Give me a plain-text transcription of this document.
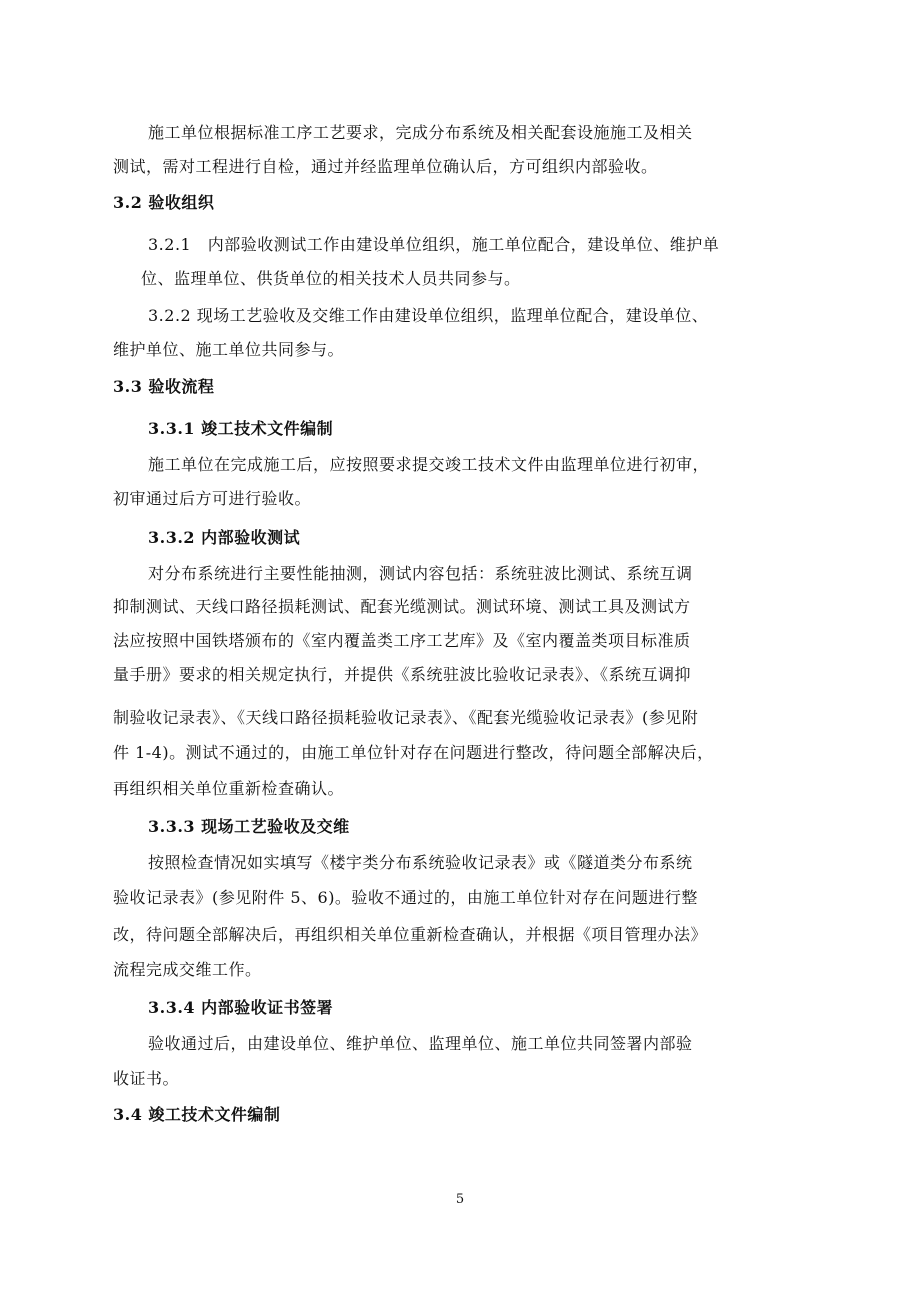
施工单位根据标准工序工艺要求，完成分布系统及相关配套设施施工及相关
测试，需对工程进行自检，通过并经监理单位确认后，方可组织内部验收。
3.2 验收组织
3.2.1　内部验收测试工作由建设单位组织，施工单位配合，建设单位、维护单
位、监理单位、供货单位的相关技术人员共同参与。
3.2.2 现场工艺验收及交维工作由建设单位组织，监理单位配合，建设单位、
维护单位、施工单位共同参与。
3.3 验收流程
3.3.1 竣工技术文件编制
施工单位在完成施工后，应按照要求提交竣工技术文件由监理单位进行初审，
初审通过后方可进行验收。
3.3.2 内部验收测试
对分布系统进行主要性能抽测，测试内容包括：系统驻波比测试、系统互调
抑制测试、天线口路径损耗测试、配套光缆测试。测试环境、测试工具及测试方
法应按照中国铁塔颁布的《室内覆盖类工序工艺库》及《室内覆盖类项目标准质
量手册》要求的相关规定执行，并提供《系统驻波比验收记录表》、《系统互调抑
制验收记录表》、《天线口路径损耗验收记录表》、《配套光缆验收记录表》(参见附
件 1-4)。测试不通过的，由施工单位针对存在问题进行整改，待问题全部解决后，
再组织相关单位重新检查确认。
3.3.3 现场工艺验收及交维
按照检查情况如实填写《楼宇类分布系统验收记录表》或《隧道类分布系统
验收记录表》(参见附件 5、6)。验收不通过的，由施工单位针对存在问题进行整
改，待问题全部解决后，再组织相关单位重新检查确认，并根据《项目管理办法》
流程完成交维工作。
3.3.4 内部验收证书签署
验收通过后，由建设单位、维护单位、监理单位、施工单位共同签署内部验
收证书。
3.4 竣工技术文件编制
5
